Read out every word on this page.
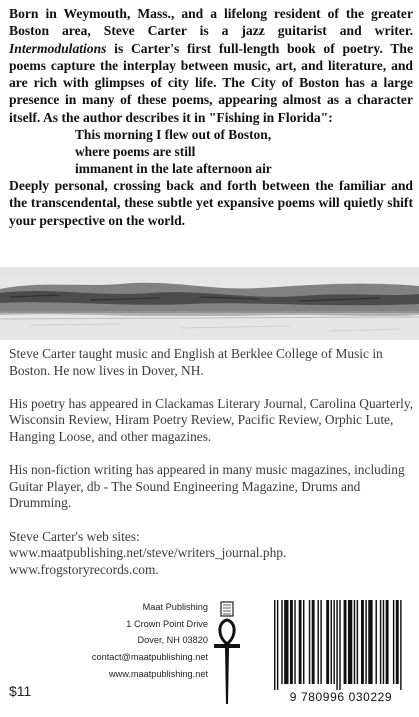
Born in Weymouth, Mass., and a lifelong resident of the greater Boston area, Steve Carter is a jazz guitarist and writer. Intermodulations is Carter's first full-length book of poetry. The poems capture the interplay between music, art, and literature, and are rich with glimpses of city life. The City of Boston has a large presence in many of these poems, appearing almost as a character itself. As the author describes it in "Fishing in Florida":
This morning I flew out of Boston,
where poems are still
immanent in the late afternoon air
Deeply personal, crossing back and forth between the familiar and the transcendental, these subtle yet expansive poems will quietly shift your perspective on the world.

Steve Carter taught music and English at Berklee College of Music in Boston. He now lives in Dover, NH.

His poetry has appeared in Clackamas Literary Journal, Carolina Quarterly, Wisconsin Review, Hiram Poetry Review, Pacific Review, Orphic Lute, Hanging Loose, and other magazines.

His non-fiction writing has appeared in many music magazines, including Guitar Player, db - The Sound Engineering Magazine, Drums and Drumming.

Steve Carter's web sites:
www.maatpublishing.net/steve/writers_journal.php.
www.frogstoryrecords.com.
Maat Publishing
1 Crown Point Drive
Dover, NH 03820
contact@maatpublishing.net
www.maatpublishing.net
$11	9 780996 030229
